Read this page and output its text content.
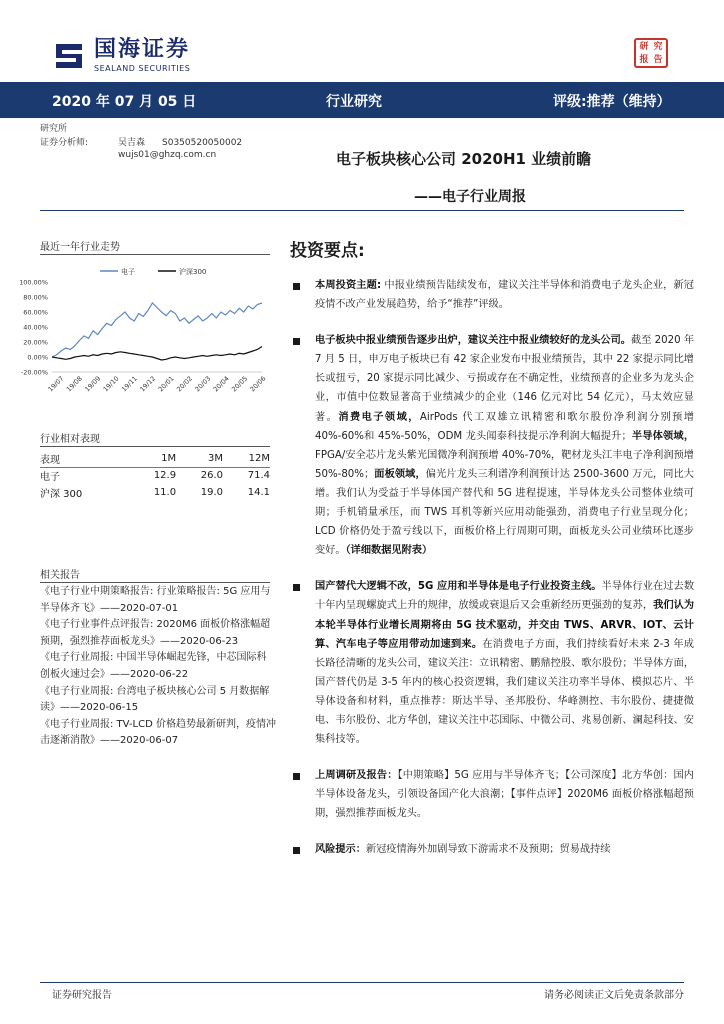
国海证券
SEALAND SECURITIES
研 究
报 告
2020 年 07 月 05 日	行业研究	评级:推荐（维持）
研究所
证券分析师:	吴吉森	S0350520050002
wujs01@ghzq.com.cn	电子板块核心公司 2020H1 业绩前瞻
——电子行业周报
最近一年行业走势
100.00%
80.00%
60.00%
40.00%
20.00%
0.00%
-20.00%
19/07 19/08 19/09 19/10 19/11 19/12 20/01 20/02 20/03 20/04 20/05 20/06
电子	沪深300
行业相对表现
表现	1M	3M	12M
电子	12.9	26.0	71.4
沪深 300	11.0	19.0	14.1
相关报告
《电子行业中期策略报告: 行业策略报告: 5G 应用与半导体齐飞》——2020-07-01
《电子行业事件点评报告: 2020M6 面板价格涨幅超预期，强烈推荐面板龙头》——2020-06-23
《电子行业周报: 中国半导体崛起先锋，中芯国际科创板火速过会》——2020-06-22
《电子行业周报: 台湾电子板块核心公司 5 月数据解读》——2020-06-15
《电子行业周报: TV-LCD 价格趋势最新研判，疫情冲击逐渐消散》——2020-06-07
投资要点:
本周投资主题: 中报业绩预告陆续发布，建议关注半导体和消费电子龙头企业，新冠疫情不改产业发展趋势，给予“推荐”评级。
电子板块中报业绩预告逐步出炉，建议关注中报业绩较好的龙头公司。截至 2020 年 7 月 5 日，申万电子板块已有 42 家企业发布中报业绩预告，其中 22 家提示同比增长或扭亏，20 家提示同比减少、亏损或存在不确定性，业绩预喜的企业多为龙头企业，市值中位数显著高于业绩减少的企业（146 亿元对比 54 亿元），马太效应显著。消费电子领域，AirPods 代工双雄立讯精密和歌尔股份净利润分别预增 40%-60%和 45%-50%，ODM 龙头闻泰科技提示净利润大幅提升；半导体领域，FPGA/安全芯片龙头紫光国微净利润预增 40%-70%，靶材龙头江丰电子净利润预增 50%-80%；面板领域，偏光片龙头三利谱净利润预计达 2500-3600 万元，同比大增。我们认为受益于半导体国产替代和 5G 进程提速，半导体龙头公司整体业绩可期；手机销量承压，而 TWS 耳机等新兴应用动能强劲，消费电子行业呈现分化；LCD 价格仍处于盈亏线以下，面板价格上行周期可期，面板龙头公司业绩环比逐步变好。（详细数据见附表）
国产替代大逻辑不改，5G 应用和半导体是电子行业投资主线。半导体行业在过去数十年内呈现螺旋式上升的规律，放缓或衰退后又会重新经历更强劲的复苏，我们认为本轮半导体行业增长周期将由 5G 技术驱动，并交由 TWS、ARVR、IOT、云计算、汽车电子等应用带动加速到来。在消费电子方面，我们持续看好未来 2-3 年成长路径清晰的龙头公司，建议关注：立讯精密、鹏鼎控股、歌尔股份；半导体方面，国产替代仍是 3-5 年内的核心投资逻辑，我们建议关注功率半导体、模拟芯片、半导体设备和材料，重点推荐：斯达半导、圣邦股份、华峰测控、韦尔股份、捷捷微电、韦尔股份、北方华创，建议关注中芯国际、中微公司、兆易创新、澜起科技、安集科技等。
上周调研及报告：【中期策略】5G 应用与半导体齐飞；【公司深度】北方华创：国内半导体设备龙头，引领设备国产化大浪潮；【事件点评】2020M6 面板价格涨幅超预期，强烈推荐面板龙头。
风险提示：新冠疫情海外加剧导致下游需求不及预期；贸易战持续
证券研究报告	请务必阅读正文后免责条款部分
